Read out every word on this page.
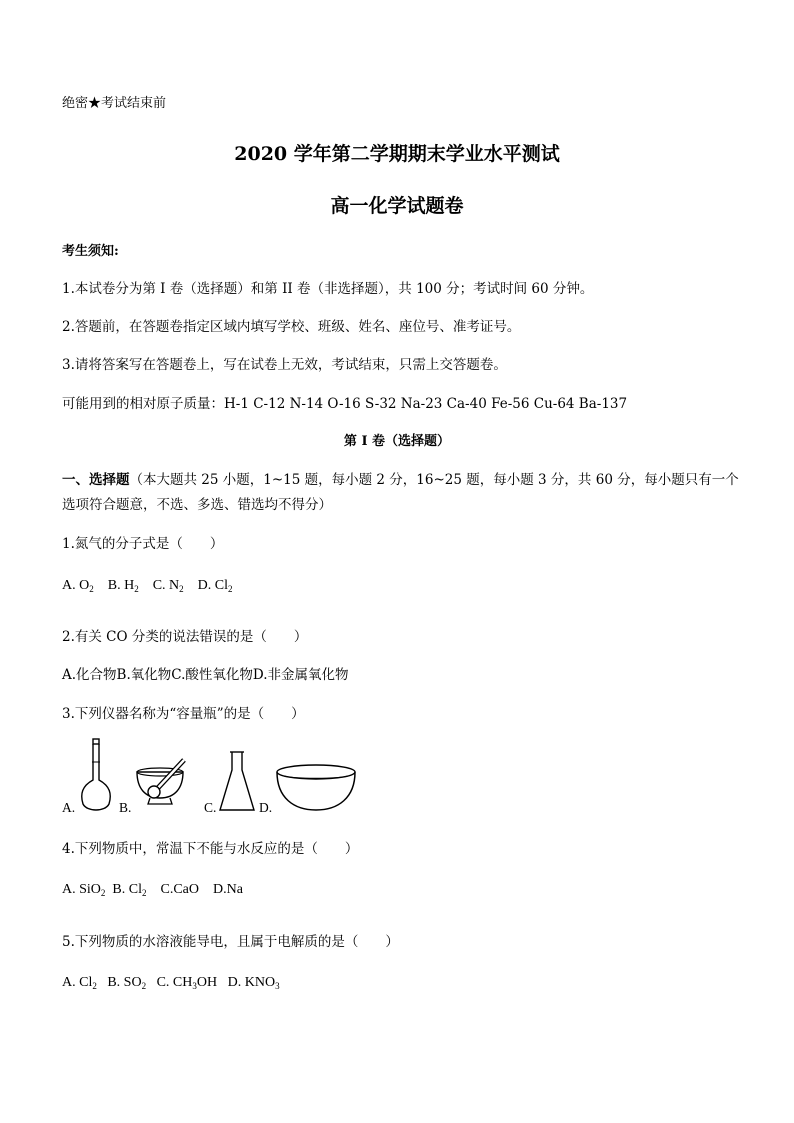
绝密★考试结束前
2020 学年第二学期期末学业水平测试
高一化学试题卷
考生须知:
1.本试卷分为第 I 卷（选择题）和第 II 卷（非选择题），共 100 分；考试时间 60 分钟。
2.答题前，在答题卷指定区域内填写学校、班级、姓名、座位号、准考证号。
3.请将答案写在答题卷上，写在试卷上无效，考试结束，只需上交答题卷。
可能用到的相对原子质量：H-1 C-12 N-14 O-16 S-32 Na-23 Ca-40 Fe-56 Cu-64 Ba-137
第 I 卷（选择题）
一、选择题（本大题共 25 小题，1~15 题，每小题 2 分，16~25 题，每小题 3 分，共 60 分，每小题只有一个
选项符合题意，不选、多选、错选均不得分）
1.氮气的分子式是（　　）
A. $O_2$ B. $H_2$ C. $N_2$ D. $Cl_2$
2.有关 CO 分类的说法错误的是（　　）
A.化合物B.氧化物C.酸性氧化物D.非金属氧化物
3.下列仪器名称为“容量瓶”的是（　　）
A.	B.	C.	D.
4.下列物质中，常温下不能与水反应的是（　　）
A. SiO$_2$ B. $Cl_2$ C.CaO D.Na
5.下列物质的水溶液能导电，且属于电解质的是（　　）
A. $Cl_2$ B. $SO_2$ C. $CH_3OH$ D. $KNO_3$
